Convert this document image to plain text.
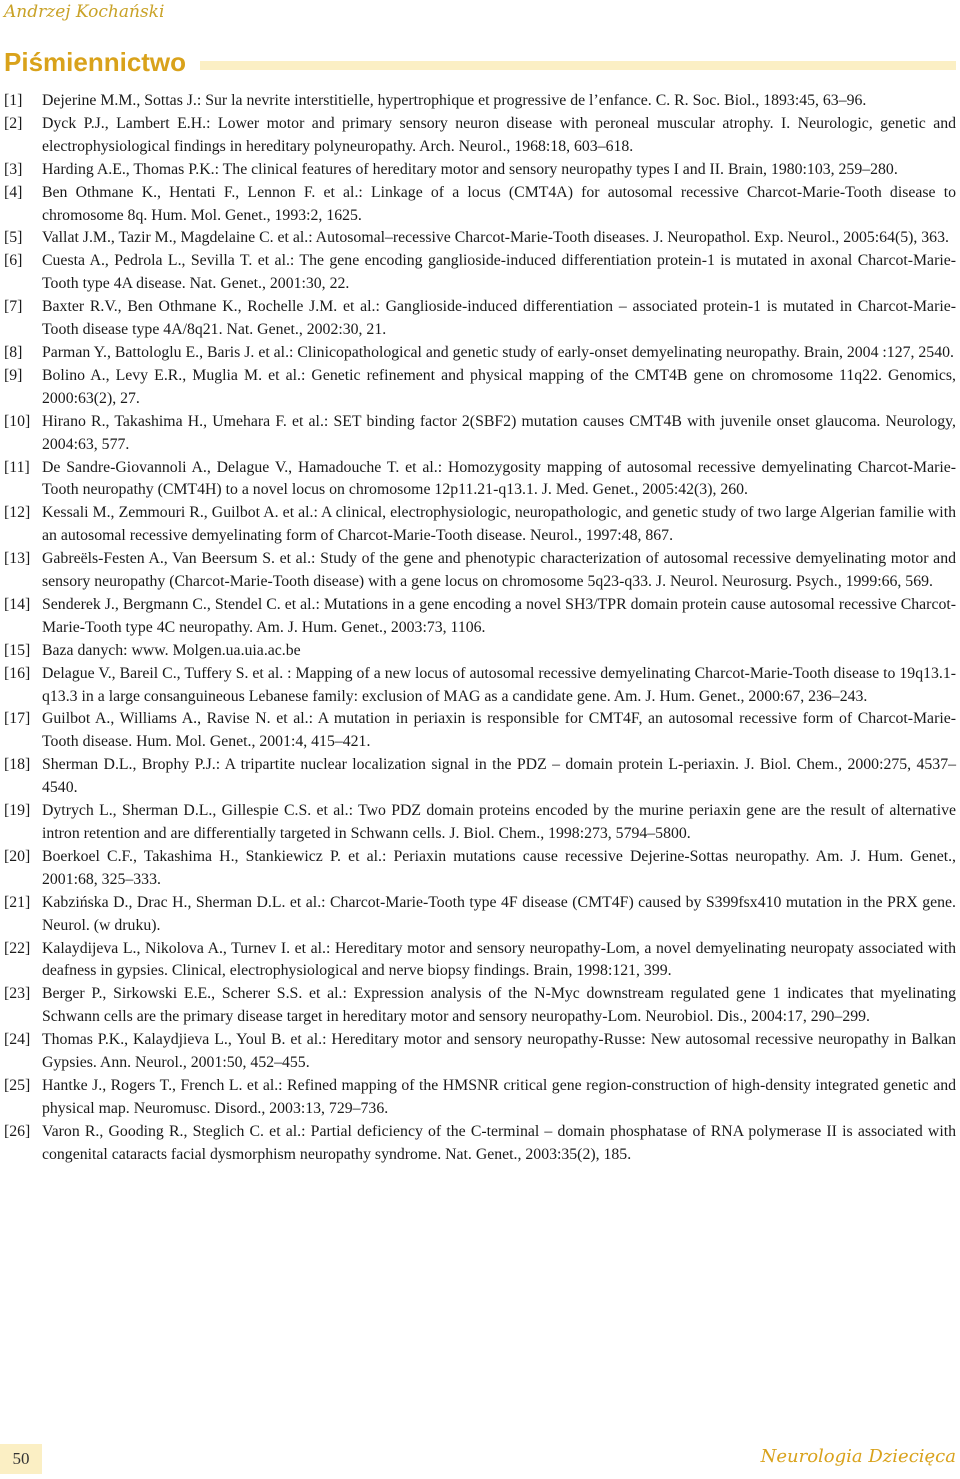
Andrzej Kochański
Piśmiennictwo
[1]	Dejerine M.M., Sottas J.: Sur la nevrite interstitielle, hypertrophique et progressive de l’enfance. C. R. Soc. Biol., 1893:45, 63–96.
[2]	Dyck P.J., Lambert E.H.: Lower motor and primary sensory neuron disease with peroneal muscular atrophy. I. Neurologic, genetic and electrophysiological findings in hereditary polyneuropathy. Arch. Neurol., 1968:18, 603–618.
[3]	Harding A.E., Thomas P.K.: The clinical features of hereditary motor and sensory neuropathy types I and II. Brain, 1980:103, 259–280.
[4]	Ben Othmane K., Hentati F., Lennon F. et al.: Linkage of a locus (CMT4A) for autosomal recessive Charcot-Marie-Tooth disease to chromosome 8q. Hum. Mol. Genet., 1993:2, 1625.
[5]	Vallat J.M., Tazir M., Magdelaine C. et al.: Autosomal–recessive Charcot-Marie-Tooth diseases. J. Neuropathol. Exp. Neurol., 2005:64(5), 363.
[6]	Cuesta A., Pedrola L., Sevilla T. et al.: The gene encoding ganglioside-induced differentiation protein-1 is mutated in axonal Charcot-Marie-Tooth type 4A disease. Nat. Genet., 2001:30, 22.
[7]	Baxter R.V., Ben Othmane K., Rochelle J.M. et al.: Ganglioside-induced differentiation – associated protein-1 is mutated in Charcot-Marie-Tooth disease type 4A/8q21. Nat. Genet., 2002:30, 21.
[8]	Parman Y., Battologlu E., Baris J. et al.: Clinicopathological and genetic study of early-onset demyelinating neuropathy. Brain, 2004 :127, 2540.
[9]	Bolino A., Levy E.R., Muglia M. et al.: Genetic refinement and physical mapping of the CMT4B gene on chromosome 11q22. Genomics, 2000:63(2), 27.
[10] Hirano R., Takashima H., Umehara F. et al.: SET binding factor 2(SBF2) mutation causes CMT4B with juvenile onset glaucoma. Neurology, 2004:63, 577.
[11] De Sandre-Giovannoli A., Delague V., Hamadouche T. et al.: Homozygosity mapping of autosomal recessive demyelinating Charcot-Marie-Tooth neuropathy (CMT4H) to a novel locus on chromosome 12p11.21-q13.1. J. Med. Genet., 2005:42(3), 260.
[12] Kessali M., Zemmouri R., Guilbot A. et al.: A clinical, electrophysiologic, neuropathologic, and genetic study of two large Algerian familie with an autosomal recessive demyelinating form of Charcot-Marie-Tooth disease. Neurol., 1997:48, 867.
[13] Gabreëls-Festen A., Van Beersum S. et al.: Study of the gene and phenotypic characterization of autosomal recessive demyelinating motor and sensory neuropathy (Charcot-Marie-Tooth disease) with a gene locus on chromosome 5q23-q33. J. Neurol. Neurosurg. Psych., 1999:66, 569.
[14] Senderek J., Bergmann C., Stendel C. et al.: Mutations in a gene encoding a novel SH3/TPR domain protein cause autosomal recessive Charcot-Marie-Tooth type 4C neuropathy. Am. J. Hum. Genet., 2003:73, 1106.
[15] Baza danych: www. Molgen.ua.uia.ac.be
[16] Delague V., Bareil C., Tuffery S. et al. : Mapping of a new locus of autosomal recessive demyelinating Charcot-Marie-Tooth disease to 19q13.1-q13.3 in a large consanguineous Lebanese family: exclusion of MAG as a candidate gene. Am. J. Hum. Genet., 2000:67, 236–243.
[17] Guilbot A., Williams A., Ravise N. et al.: A mutation in periaxin is responsible for CMT4F, an autosomal recessive form of Charcot-Marie-Tooth disease. Hum. Mol. Genet., 2001:4, 415–421.
[18] Sherman D.L., Brophy P.J.: A tripartite nuclear localization signal in the PDZ – domain protein L-periaxin. J. Biol. Chem., 2000:275, 4537–4540.
[19] Dytrych L., Sherman D.L., Gillespie C.S. et al.: Two PDZ domain proteins encoded by the murine periaxin gene are the result of alternative intron retention and are differentially targeted in Schwann cells. J. Biol. Chem., 1998:273, 5794–5800.
[20] Boerkoel C.F., Takashima H., Stankiewicz P. et al.: Periaxin mutations cause recessive Dejerine-Sottas neuropathy. Am. J. Hum. Genet., 2001:68, 325–333.
[21] Kabzińska D., Drac H., Sherman D.L. et al.: Charcot-Marie-Tooth type 4F disease (CMT4F) caused by S399fsx410 mutation in the PRX gene. Neurol. (w druku).
[22] Kalaydijeva L., Nikolova A., Turnev I. et al.: Hereditary motor and sensory neuropathy-Lom, a novel demyelinating neuropaty associated with deafness in gypsies. Clinical, electrophysiological and nerve biopsy findings. Brain, 1998:121, 399.
[23] Berger P., Sirkowski E.E., Scherer S.S. et al.: Expression analysis of the N-Myc downstream regulated gene 1 indicates that myelinating Schwann cells are the primary disease target in hereditary motor and sensory neuropathy-Lom. Neurobiol. Dis., 2004:17, 290–299.
[24] Thomas P.K., Kalaydjieva L., Youl B. et al.: Hereditary motor and sensory neuropathy-Russe: New autosomal recessive neuropathy in Balkan Gypsies. Ann. Neurol., 2001:50, 452–455.
[25] Hantke J., Rogers T., French L. et al.: Refined mapping of the HMSNR critical gene region-construction of high-density integrated genetic and physical map. Neuromusc. Disord., 2003:13, 729–736.
[26] Varon R., Gooding R., Steglich C. et al.: Partial deficiency of the C-terminal – domain phosphatase of RNA polymerase II is associated with congenital cataracts facial dysmorphism neuropathy syndrome. Nat. Genet., 2003:35(2), 185.
50	Neurologia Dziecięca
